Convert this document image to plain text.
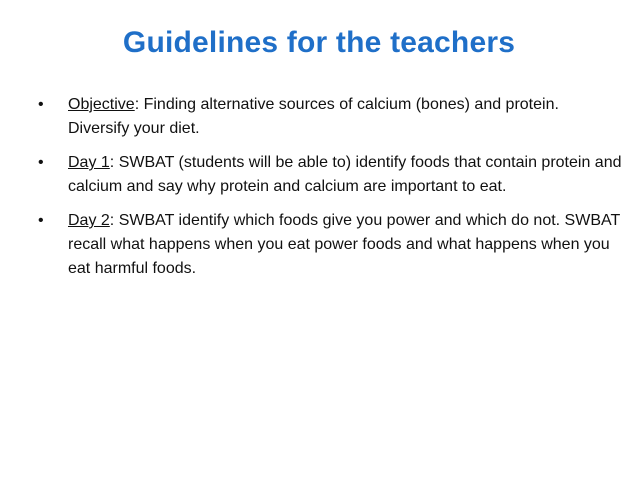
Guidelines for the teachers
• Objective: Finding alternative sources of calcium (bones) and protein. Diversify your diet.
• Day 1: SWBAT (students will be able to) identify foods that contain protein and calcium and say why protein and calcium are important to eat.
• Day 2: SWBAT identify which foods give you power and which do not. SWBAT recall what happens when you eat power foods and what happens when you eat harmful foods.
